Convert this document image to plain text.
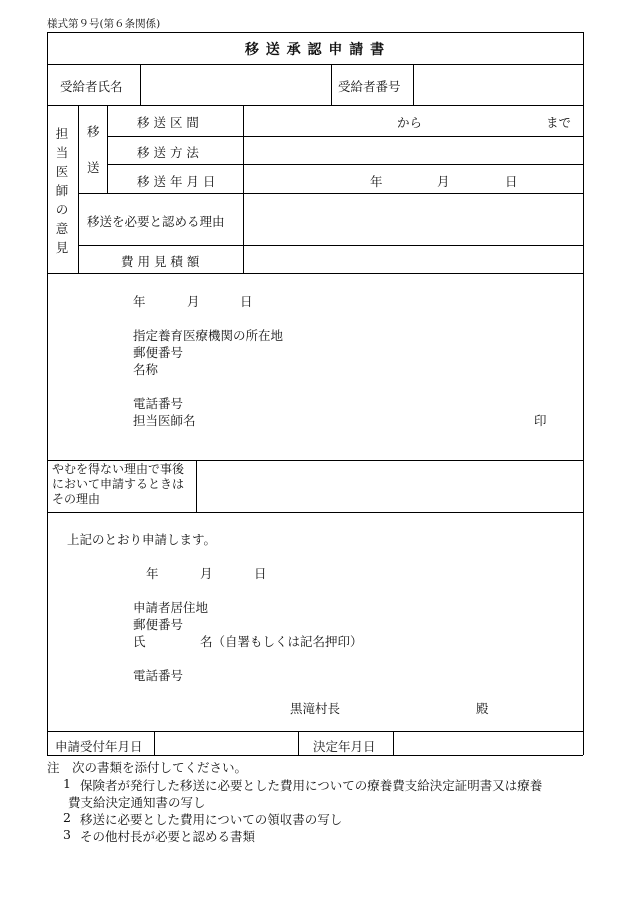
様式第９号(第６条関係)
移 送 承 認 申 請 書
受給者氏名	受給者番号
担
当
医
師
の
意
見
移
送
移 送 区 間	から	まで
移 送 方 法
移 送 年 月 日	年	月	日
移送を必要と認める理由
費 用 見 積 額
年	月	日
指定養育医療機関の所在地
郵便番号
名称
電話番号
担当医師名	印
やむを得ない理由で事後において申請するときはその理由
上記のとおり申請します。
年	月	日
申請者居住地
郵便番号
氏	名（自署もしくは記名押印）
電話番号
黒滝村長	殿
申請受付年月日	決定年月日
注　次の書類を添付してください。
1 保険者が発行した移送に必要とした費用についての療養費支給決定証明書又は療養
費支給決定通知書の写し
2 移送に必要とした費用についての領収書の写し
3 その他村長が必要と認める書類
